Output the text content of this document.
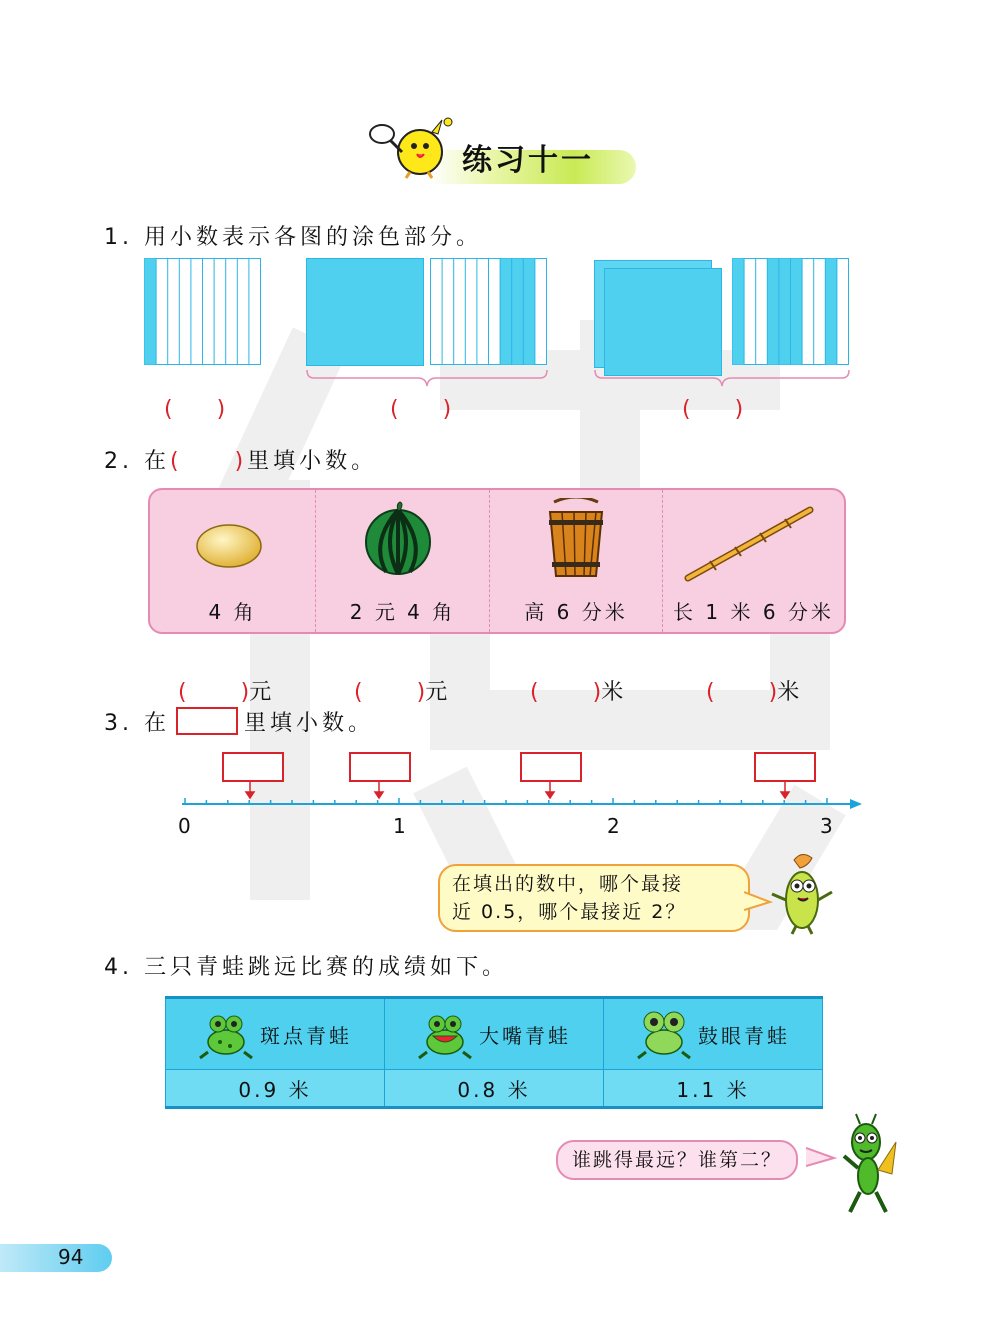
练习十一
1. 用小数表示各图的涂色部分。
(　　)	(　　)	(　　)
2. 在(　　)里填小数。
4 角	2 元 4 角	高 6 分米	长 1 米 6 分米

( )元	( )元	( )米	( )米

3. 在	里填小数。
0	1	2	3
在填出的数中，哪个最接
近 0.5，哪个最接近 2？
4. 三只青蛙跳远比赛的成绩如下。
斑点青蛙	大嘴青蛙	鼓眼青蛙

0.9 米	0.8 米	1.1 米
谁跳得最远？谁第二？
94
